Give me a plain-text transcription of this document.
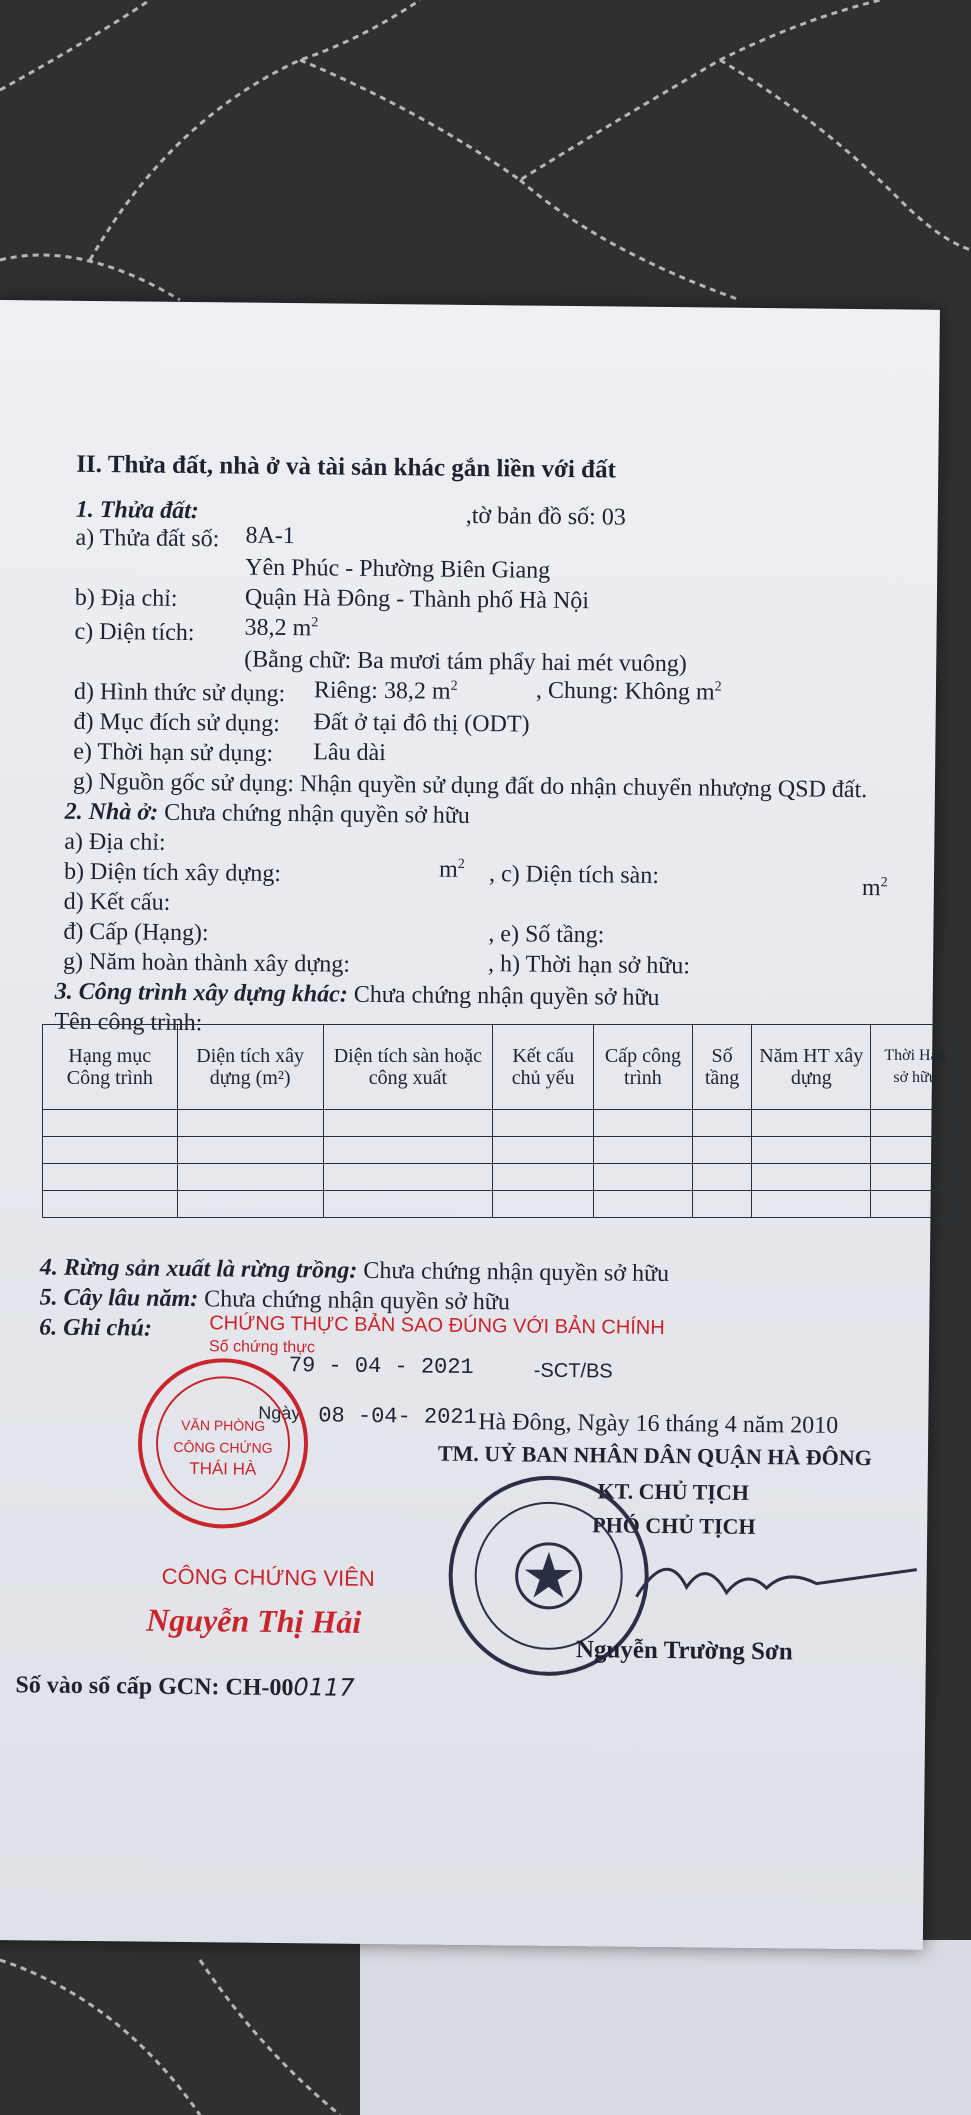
II. Thửa đất, nhà ở và tài sản khác gắn liền với đất
1. Thửa đất:
a) Thửa đất số: 8A-1
,tờ bản đồ số: 03
Yên Phúc - Phường Biên Giang
b) Địa chỉ:	Quận Hà Đông - Thành phố Hà Nội
c) Diện tích: 38,2 $m^2$
(Bằng chữ: Ba mươi tám phẩy hai mét vuông)
d) Hình thức sử dụng: Riêng: 38,2 $m^2$	, Chung: Không $m^2$
đ) Mục đích sử dụng: Đất ở tại đô thị (ODT)
e) Thời hạn sử dụng: Lâu dài
g) Nguồn gốc sử dụng: Nhận quyền sử dụng đất do nhận chuyển nhượng QSD đất.
2. Nhà ở: Chưa chứng nhận quyền sở hữu
a) Địa chỉ:
b) Diện tích xây dựng:	$m^2$ , c) Diện tích sàn:	$m^2$
d) Kết cấu:
đ) Cấp (Hạng):	, e) Số tầng:
g) Năm hoàn thành xây dựng:	, h) Thời hạn sở hữu:
3. Công trình xây dựng khác: Chưa chứng nhận quyền sở hữu
Tên công trình:
4. Rừng sản xuất là rừng trồng: Chưa chứng nhận quyền sở hữu
5. Cây lâu năm: Chưa chứng nhận quyền sở hữu
6. Ghi chú:	CHỨNG THỰC BẢN SAO ĐÚNG VỚI BẢN CHÍNH
Số chứng thực
79 - 04 - 2021	-SCT/BS
Ngày 08 -04- 2021
VĂN PHÒNG
CÔNG CHỨNG
THÁI HÀ
CÔNG CHỨNG VIÊN
Nguyễn Thị Hải
Hà Đông, Ngày 16 tháng 4 năm 2010
TM. UỶ BAN NHÂN DÂN QUẬN HÀ ĐÔNG
KT. CHỦ TỊCH
PHÓ CHỦ TỊCH
Nguyễn Trường Sơn
Số vào sổ cấp GCN: CH-000117
Hạng mục Công trình	Diện tích xây dựng (m²)	Diện tích sàn hoặc công xuất	Kết cấu chủ yếu	Cấp công trình	Số tầng	Năm HT xây dựng	Thời Hạn sở hữu
